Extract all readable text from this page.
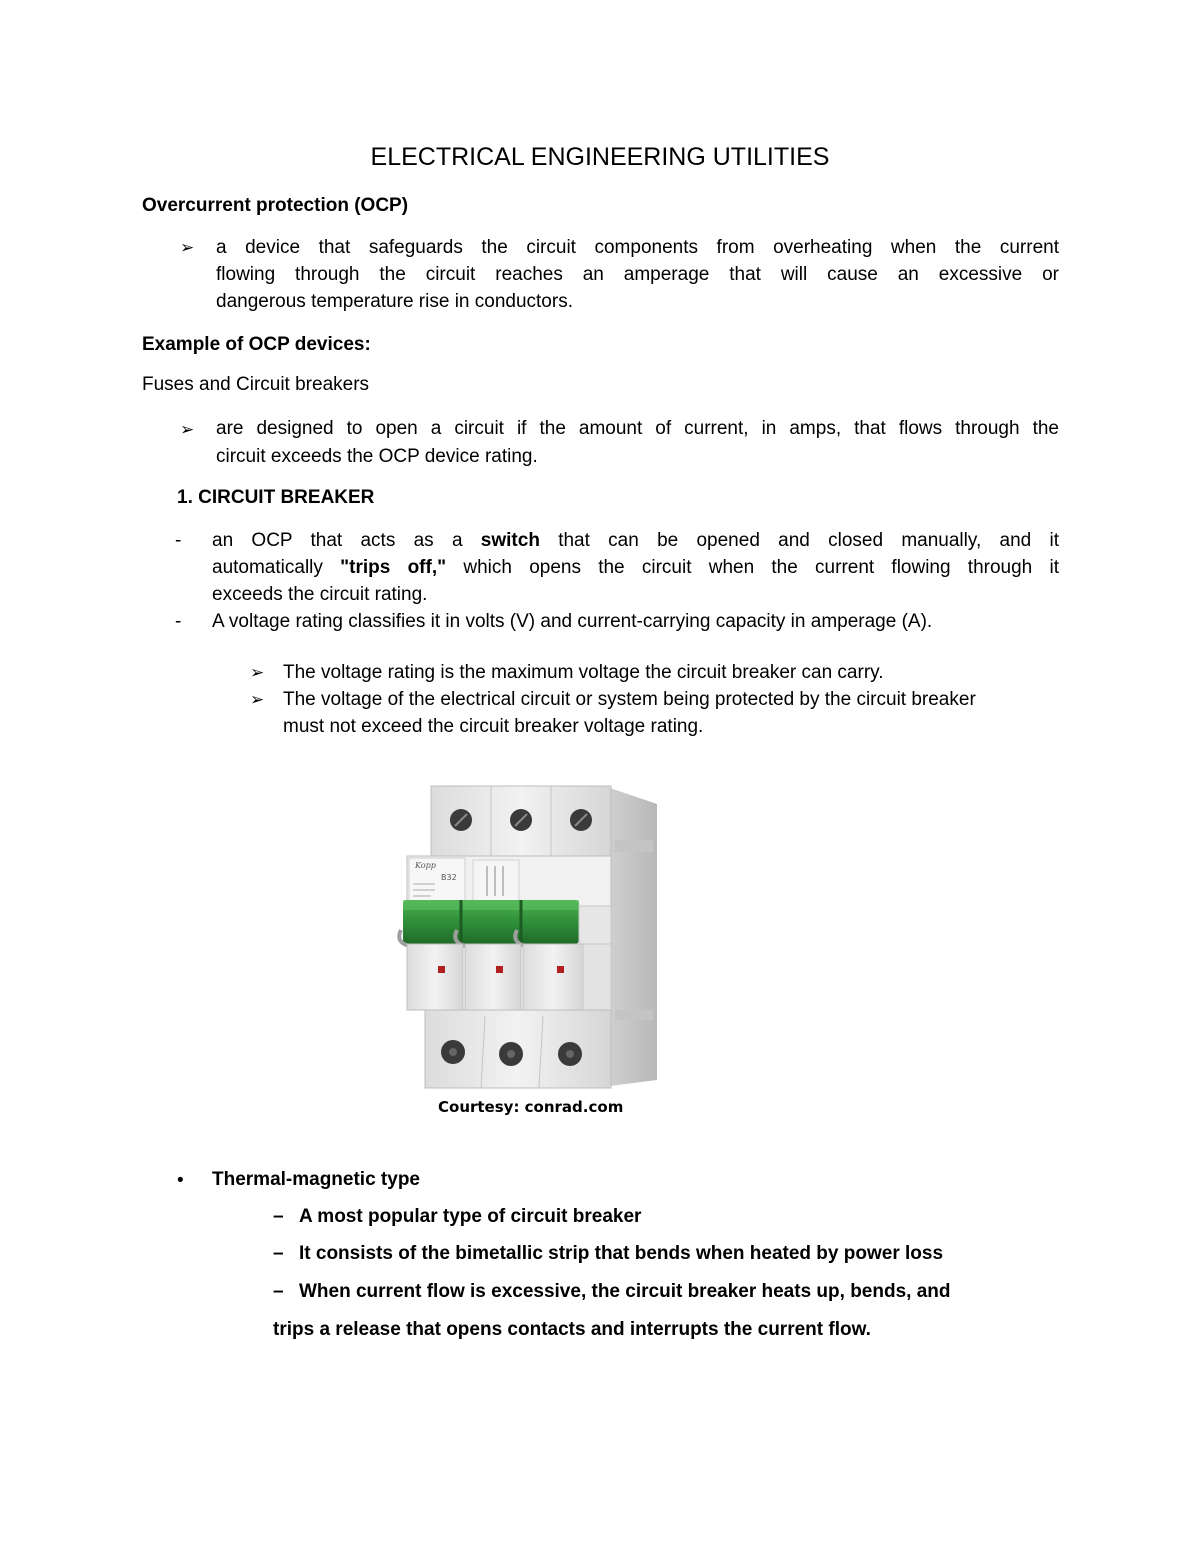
ELECTRICAL ENGINEERING UTILITIES
Overcurrent protection (OCP)
➢ a device that safeguards the circuit components from overheating when the current
flowing through the circuit reaches an amperage that will cause an excessive or
dangerous temperature rise in conductors.
Example of OCP devices:
Fuses and Circuit breakers
➢ are designed to open a circuit if the amount of current, in amps, that flows through the
circuit exceeds the OCP device rating.
1. CIRCUIT BREAKER
- an OCP that acts as a switch that can be opened and closed manually, and it
automatically "trips off," which opens the circuit when the current flowing through it
exceeds the circuit rating.
- A voltage rating classifies it in volts (V) and current-carrying capacity in amperage (A).
➢ The voltage rating is the maximum voltage the circuit breaker can carry.
➢ The voltage of the electrical circuit or system being protected by the circuit breaker
must not exceed the circuit breaker voltage rating.
Kopp
B32
Courtesy: conrad.com
• Thermal-magnetic type
– A most popular type of circuit breaker
– It consists of the bimetallic strip that bends when heated by power loss
– When current flow is excessive, the circuit breaker heats up, bends, and
trips a release that opens contacts and interrupts the current flow.
